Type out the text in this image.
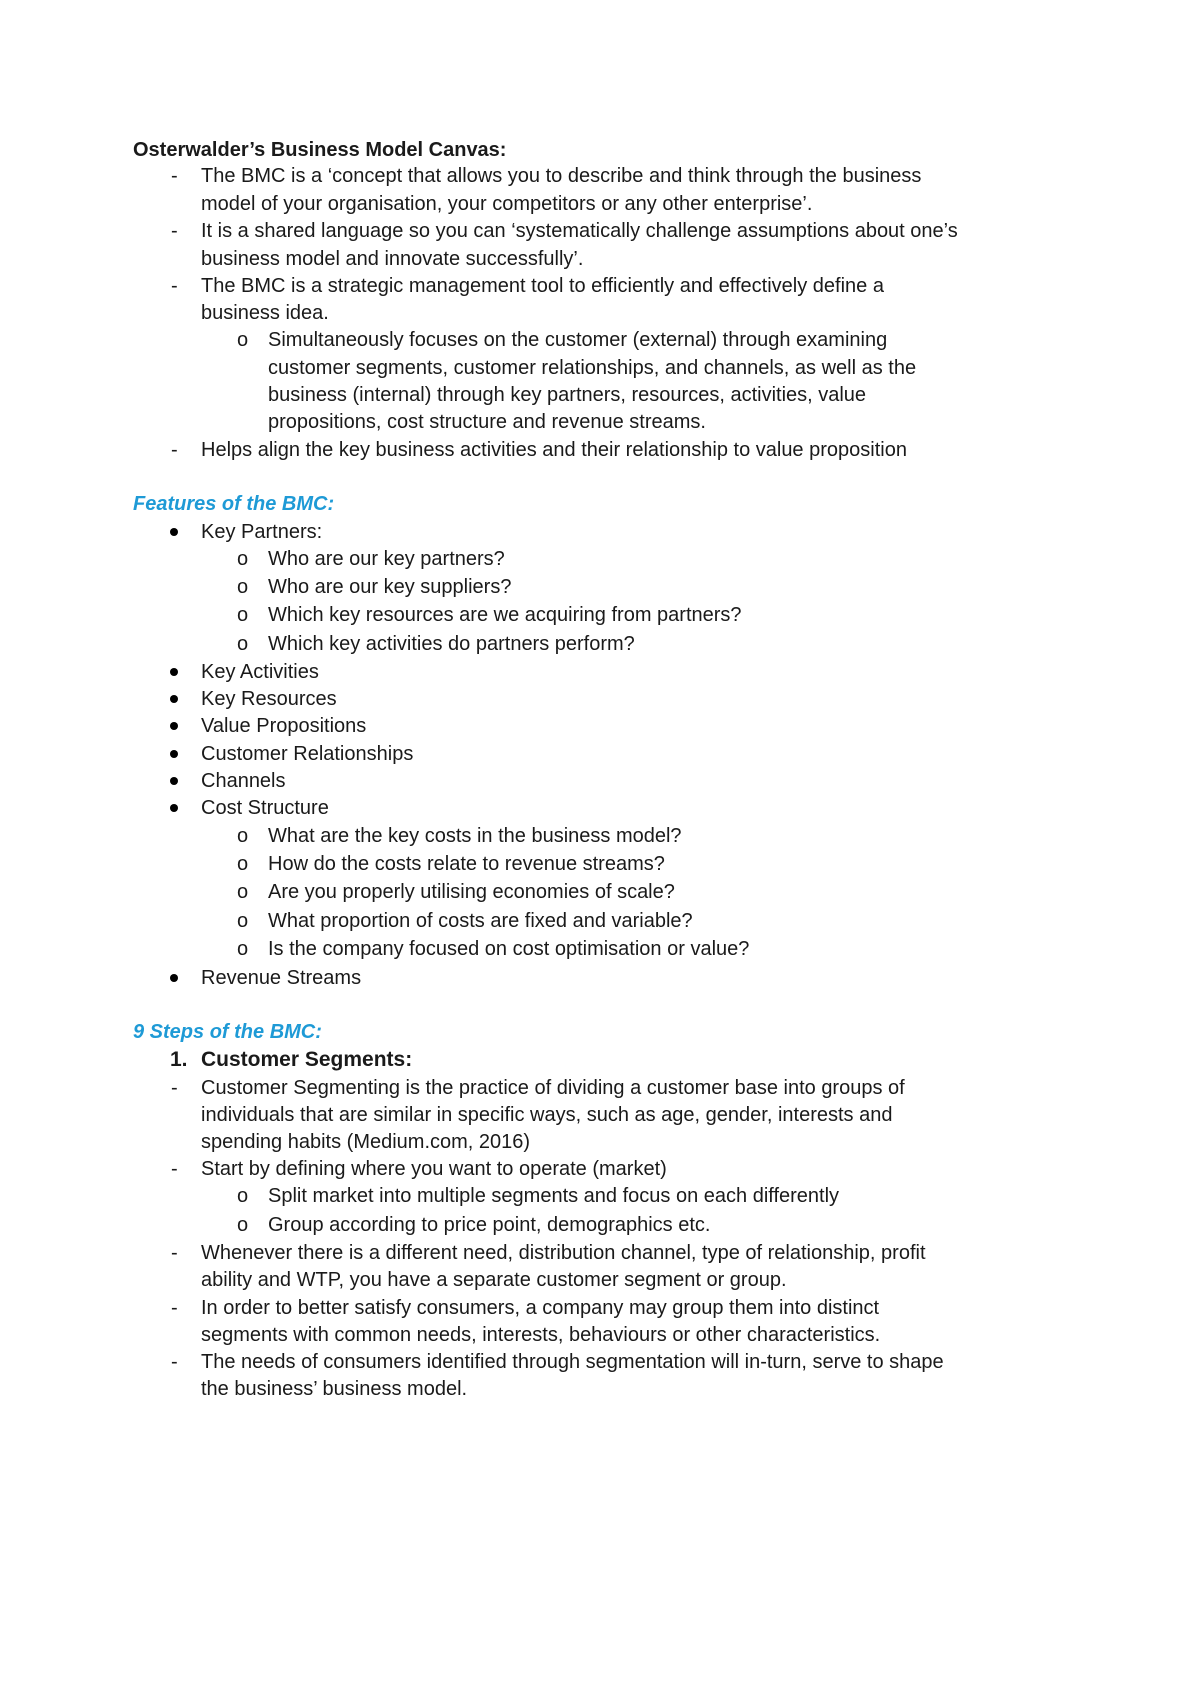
Osterwalder’s Business Model Canvas:
- The BMC is a ‘concept that allows you to describe and think through the business
model of your organisation, your competitors or any other enterprise’.
- It is a shared language so you can ‘systematically challenge assumptions about one’s
business model and innovate successfully’.
- The BMC is a strategic management tool to efficiently and effectively define a
business idea.
o Simultaneously focuses on the customer (external) through examining
customer segments, customer relationships, and channels, as well as the
business (internal) through key partners, resources, activities, value
propositions, cost structure and revenue streams.
- Helps align the key business activities and their relationship to value proposition
Features of the BMC:
Key Partners:
o Who are our key partners?
o Who are our key suppliers?
o Which key resources are we acquiring from partners?
o Which key activities do partners perform?
Key Activities
Key Resources
Value Propositions
Customer Relationships
Channels
Cost Structure
o What are the key costs in the business model?
o How do the costs relate to revenue streams?
o Are you properly utilising economies of scale?
o What proportion of costs are fixed and variable?
o Is the company focused on cost optimisation or value?
Revenue Streams
9 Steps of the BMC:
1. Customer Segments:
- Customer Segmenting is the practice of dividing a customer base into groups of
individuals that are similar in specific ways, such as age, gender, interests and
spending habits (Medium.com, 2016)
- Start by defining where you want to operate (market)
o Split market into multiple segments and focus on each differently
o Group according to price point, demographics etc.
- Whenever there is a different need, distribution channel, type of relationship, profit
ability and WTP, you have a separate customer segment or group.
- In order to better satisfy consumers, a company may group them into distinct
segments with common needs, interests, behaviours or other characteristics.
- The needs of consumers identified through segmentation will in-turn, serve to shape
the business’ business model.
